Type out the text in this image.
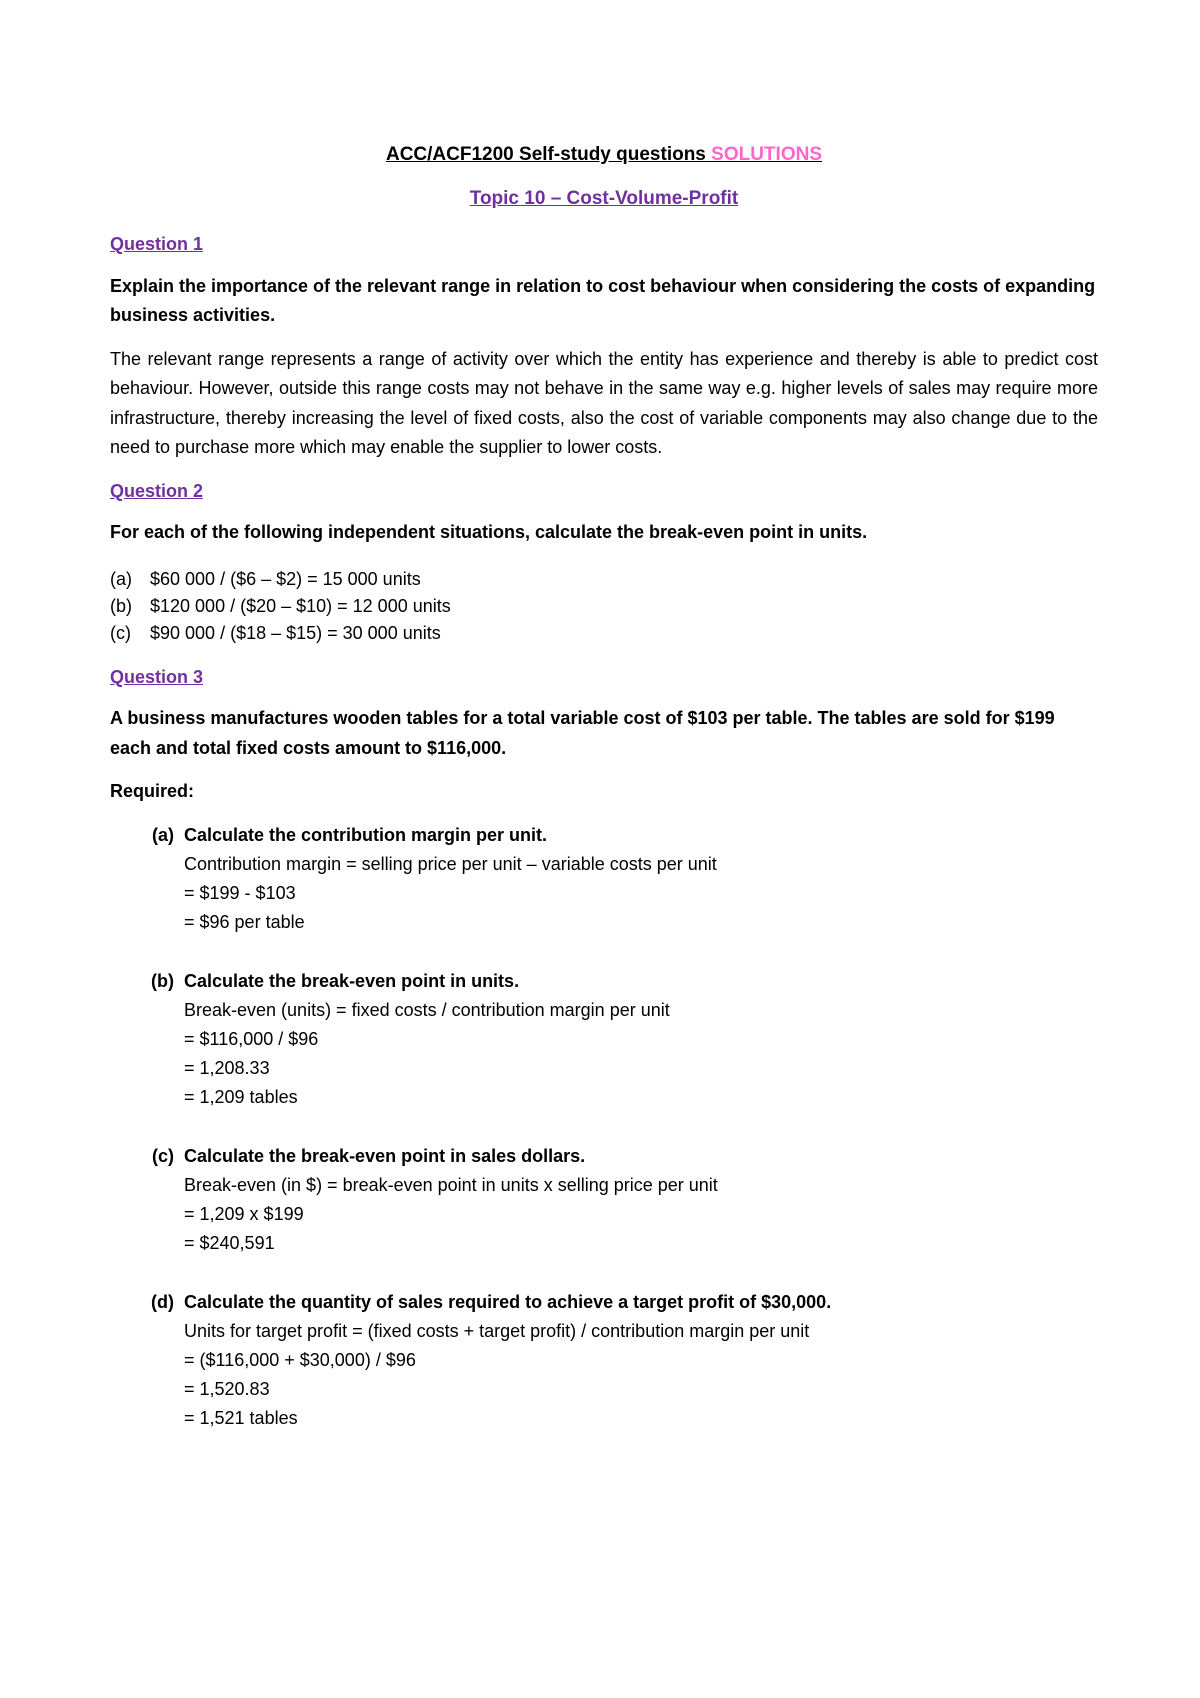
ACC/ACF1200 Self-study questions SOLUTIONS
Topic 10 – Cost-Volume-Profit
Question 1

Explain the importance of the relevant range in relation to cost behaviour when considering the costs of expanding business activities.

The relevant range represents a range of activity over which the entity has experience and thereby is able to predict cost behaviour. However, outside this range costs may not behave in the same way e.g. higher levels of sales may require more infrastructure, thereby increasing the level of fixed costs, also the cost of variable components may also change due to the need to purchase more which may enable the supplier to lower costs.

Question 2

For each of the following independent situations, calculate the break-even point in units.

(a)	$60 000 / ($6 – $2) = 15 000 units
(b)	$120 000 / ($20 – $10) = 12 000 units
(c)	$90 000 / ($18 – $15) = 30 000 units
Question 3

A business manufactures wooden tables for a total variable cost of $103 per table. The tables are sold for $199 each and total fixed costs amount to $116,000.

Required:

(a) Calculate the contribution margin per unit.
Contribution margin = selling price per unit – variable costs per unit
= $199 - $103
= $96 per table
(b) Calculate the break-even point in units.
Break-even (units) = fixed costs / contribution margin per unit
= $116,000 / $96
= 1,208.33
= 1,209 tables
(c) Calculate the break-even point in sales dollars.
Break-even (in $) = break-even point in units x selling price per unit
= 1,209 x $199
= $240,591
(d) Calculate the quantity of sales required to achieve a target profit of $30,000.
Units for target profit = (fixed costs + target profit) / contribution margin per unit
= ($116,000 + $30,000) / $96
= 1,520.83
= 1,521 tables
